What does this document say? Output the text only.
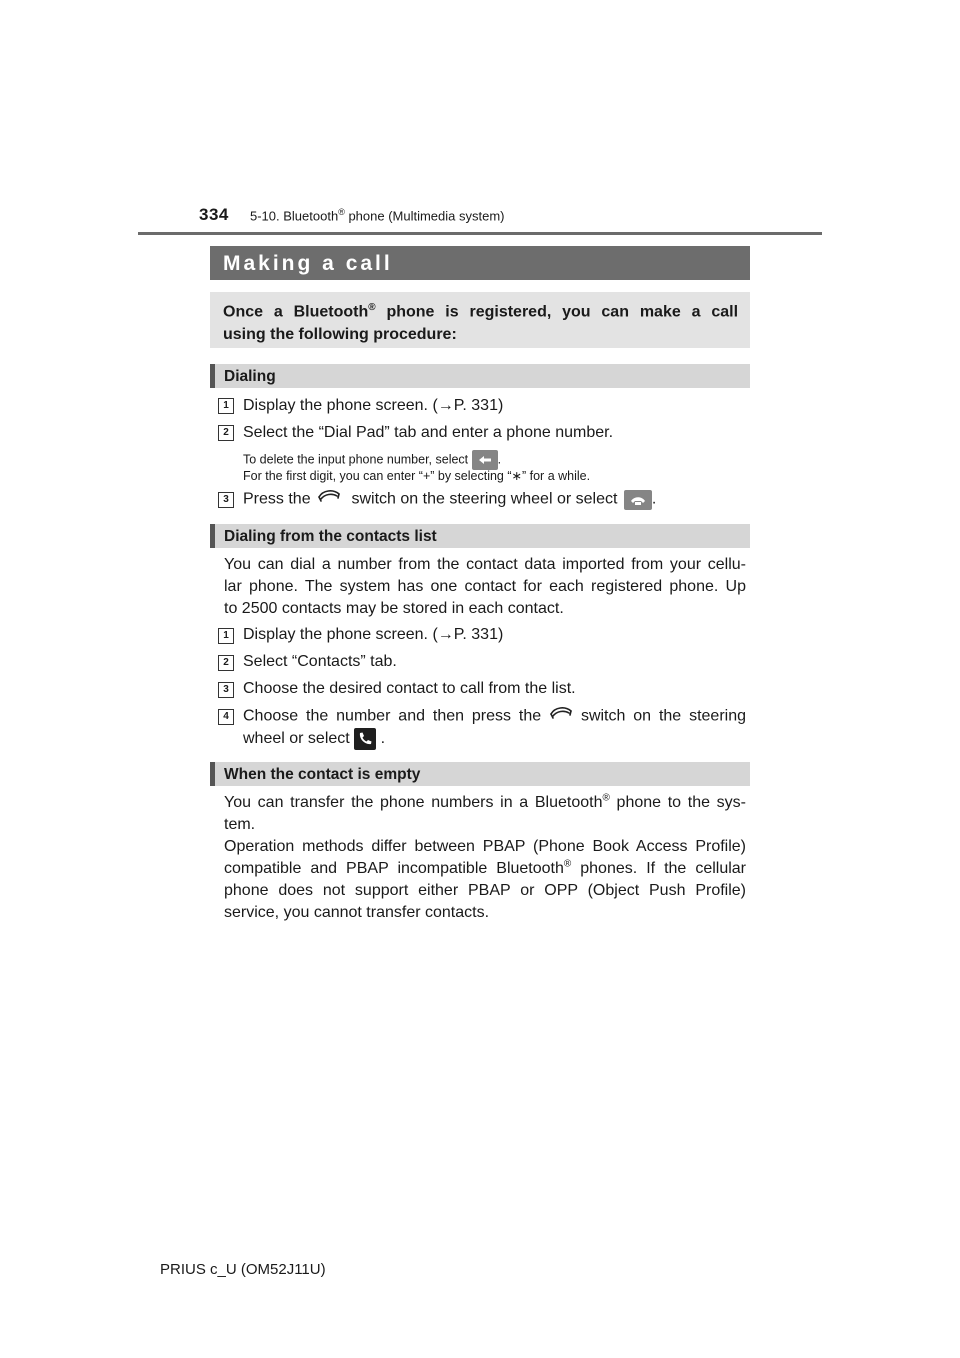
334 5-10. Bluetooth® phone (Multimedia system)
Making a call
Once a Bluetooth® phone is registered, you can make a call
using the following procedure:
Dialing
1 Display the phone screen. (→P. 331)
2 Select the “Dial Pad” tab and enter a phone number.
To delete the input phone number, select .
For the first digit, you can enter “+” by selecting “∗” for a while.
3 Press the	switch on the steering wheel or select .
Dialing from the contacts list
You can dial a number from the contact data imported from your cellu-
lar phone. The system has one contact for each registered phone. Up
to 2500 contacts may be stored in each contact.
1 Display the phone screen. (→P. 331)
2 Select “Contacts” tab.
3 Choose the desired contact to call from the list.
4 Choose the number and then press the switch on the steering
wheel or select .
When the contact is empty
You can transfer the phone numbers in a Bluetooth® phone to the sys-
tem.
Operation methods differ between PBAP (Phone Book Access Profile)
compatible and PBAP incompatible Bluetooth® phones. If the cellular
phone does not support either PBAP or OPP (Object Push Profile)
service, you cannot transfer contacts.
PRIUS c_U (OM52J11U)
